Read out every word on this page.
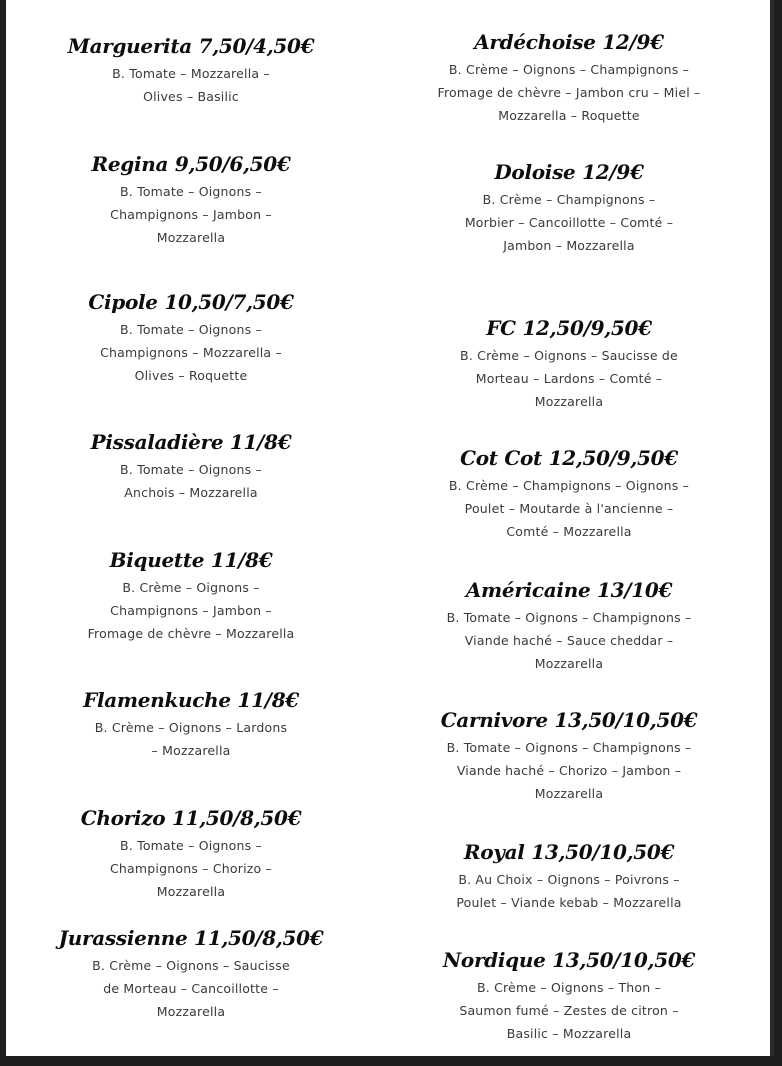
Marguerita 7,50/4,50€
B. Tomate – Mozzarella –
Olives – Basilic
Regina 9,50/6,50€
B. Tomate – Oignons –
Champignons – Jambon –
Mozzarella
Cipole 10,50/7,50€
B. Tomate – Oignons –
Champignons – Mozzarella –
Olives – Roquette
Pissaladière 11/8€
B. Tomate – Oignons –
Anchois – Mozzarella
Biquette 11/8€
B. Crème – Oignons –
Champignons – Jambon –
Fromage de chèvre – Mozzarella
Flamenkuche 11/8€
B. Crème – Oignons – Lardons
– Mozzarella
Chorizo 11,50/8,50€
B. Tomate – Oignons –
Champignons – Chorizo –
Mozzarella
Jurassienne 11,50/8,50€
B. Crème – Oignons – Saucisse
de Morteau – Cancoillotte –
Mozzarella
Ardéchoise 12/9€
B. Crème – Oignons – Champignons –
Fromage de chèvre – Jambon cru – Miel –
Mozzarella – Roquette
Doloise 12/9€
B. Crème – Champignons –
Morbier – Cancoillotte – Comté –
Jambon – Mozzarella
FC 12,50/9,50€
B. Crème – Oignons – Saucisse de
Morteau – Lardons – Comté –
Mozzarella
Cot Cot 12,50/9,50€
B. Crème – Champignons – Oignons –
Poulet – Moutarde à l'ancienne –
Comté – Mozzarella
Américaine 13/10€
B. Tomate – Oignons – Champignons –
Viande haché – Sauce cheddar –
Mozzarella
Carnivore 13,50/10,50€
B. Tomate – Oignons – Champignons –
Viande haché – Chorizo – Jambon –
Mozzarella
Royal 13,50/10,50€
B. Au Choix – Oignons – Poivrons –
Poulet – Viande kebab – Mozzarella
Nordique 13,50/10,50€
B. Crème – Oignons – Thon –
Saumon fumé – Zestes de citron –
Basilic – Mozzarella
